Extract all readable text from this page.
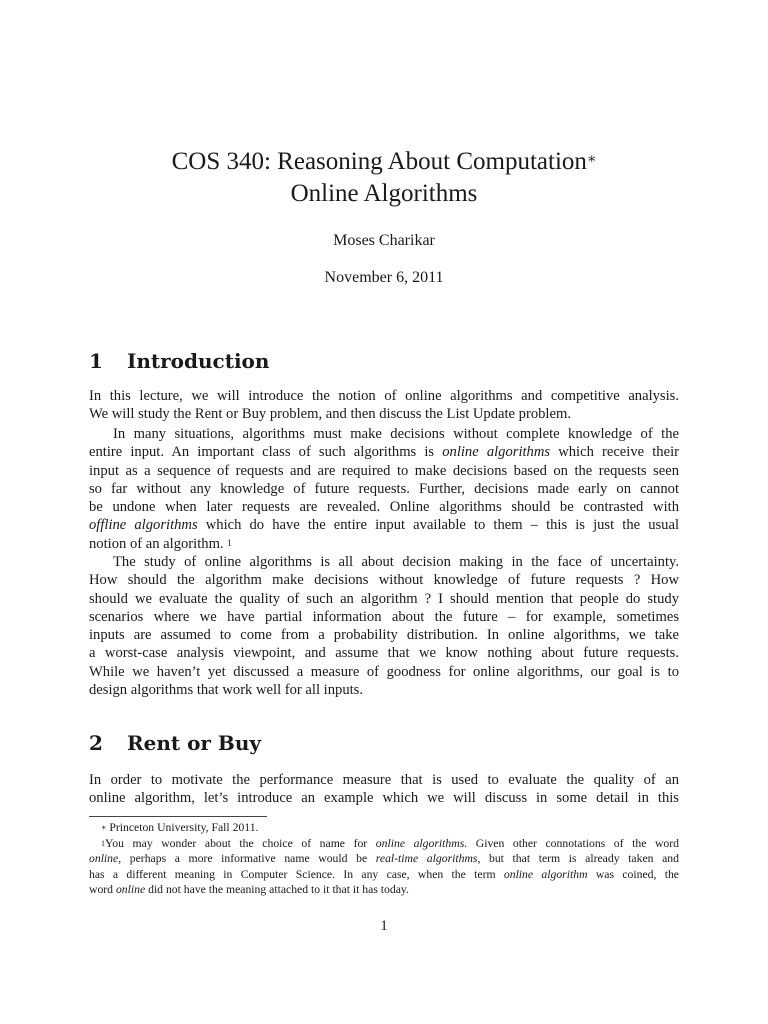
COS 340: Reasoning About Computation∗
Online Algorithms
Moses Charikar
November 6, 2011
1 Introduction
In this lecture, we will introduce the notion of online algorithms and competitive analysis.
We will study the Rent or Buy problem, and then discuss the List Update problem.
In many situations, algorithms must make decisions without complete knowledge of the
entire input. An important class of such algorithms is online algorithms which receive their
input as a sequence of requests and are required to make decisions based on the requests seen
so far without any knowledge of future requests. Further, decisions made early on cannot
be undone when later requests are revealed. Online algorithms should be contrasted with
offline algorithms which do have the entire input available to them – this is just the usual
notion of an algorithm. $^1$
The study of online algorithms is all about decision making in the face of uncertainty.
How should the algorithm make decisions without knowledge of future requests ? How
should we evaluate the quality of such an algorithm ? I should mention that people do study
scenarios where we have partial information about the future – for example, sometimes
inputs are assumed to come from a probability distribution. In online algorithms, we take
a worst-case analysis viewpoint, and assume that we know nothing about future requests.
While we haven’t yet discussed a measure of goodness for online algorithms, our goal is to
design algorithms that work well for all inputs.
2 Rent or Buy
In order to motivate the performance measure that is used to evaluate the quality of an
online algorithm, let’s introduce an example which we will discuss in some detail in this
∗ Princeton University, Fall 2011.
$^1$You may wonder about the choice of name for online algorithms. Given other connotations of the word
online, perhaps a more informative name would be real-time algorithms, but that term is already taken and
has a different meaning in Computer Science. In any case, when the term online algorithm was coined, the
word online did not have the meaning attached to it that it has today.
1
